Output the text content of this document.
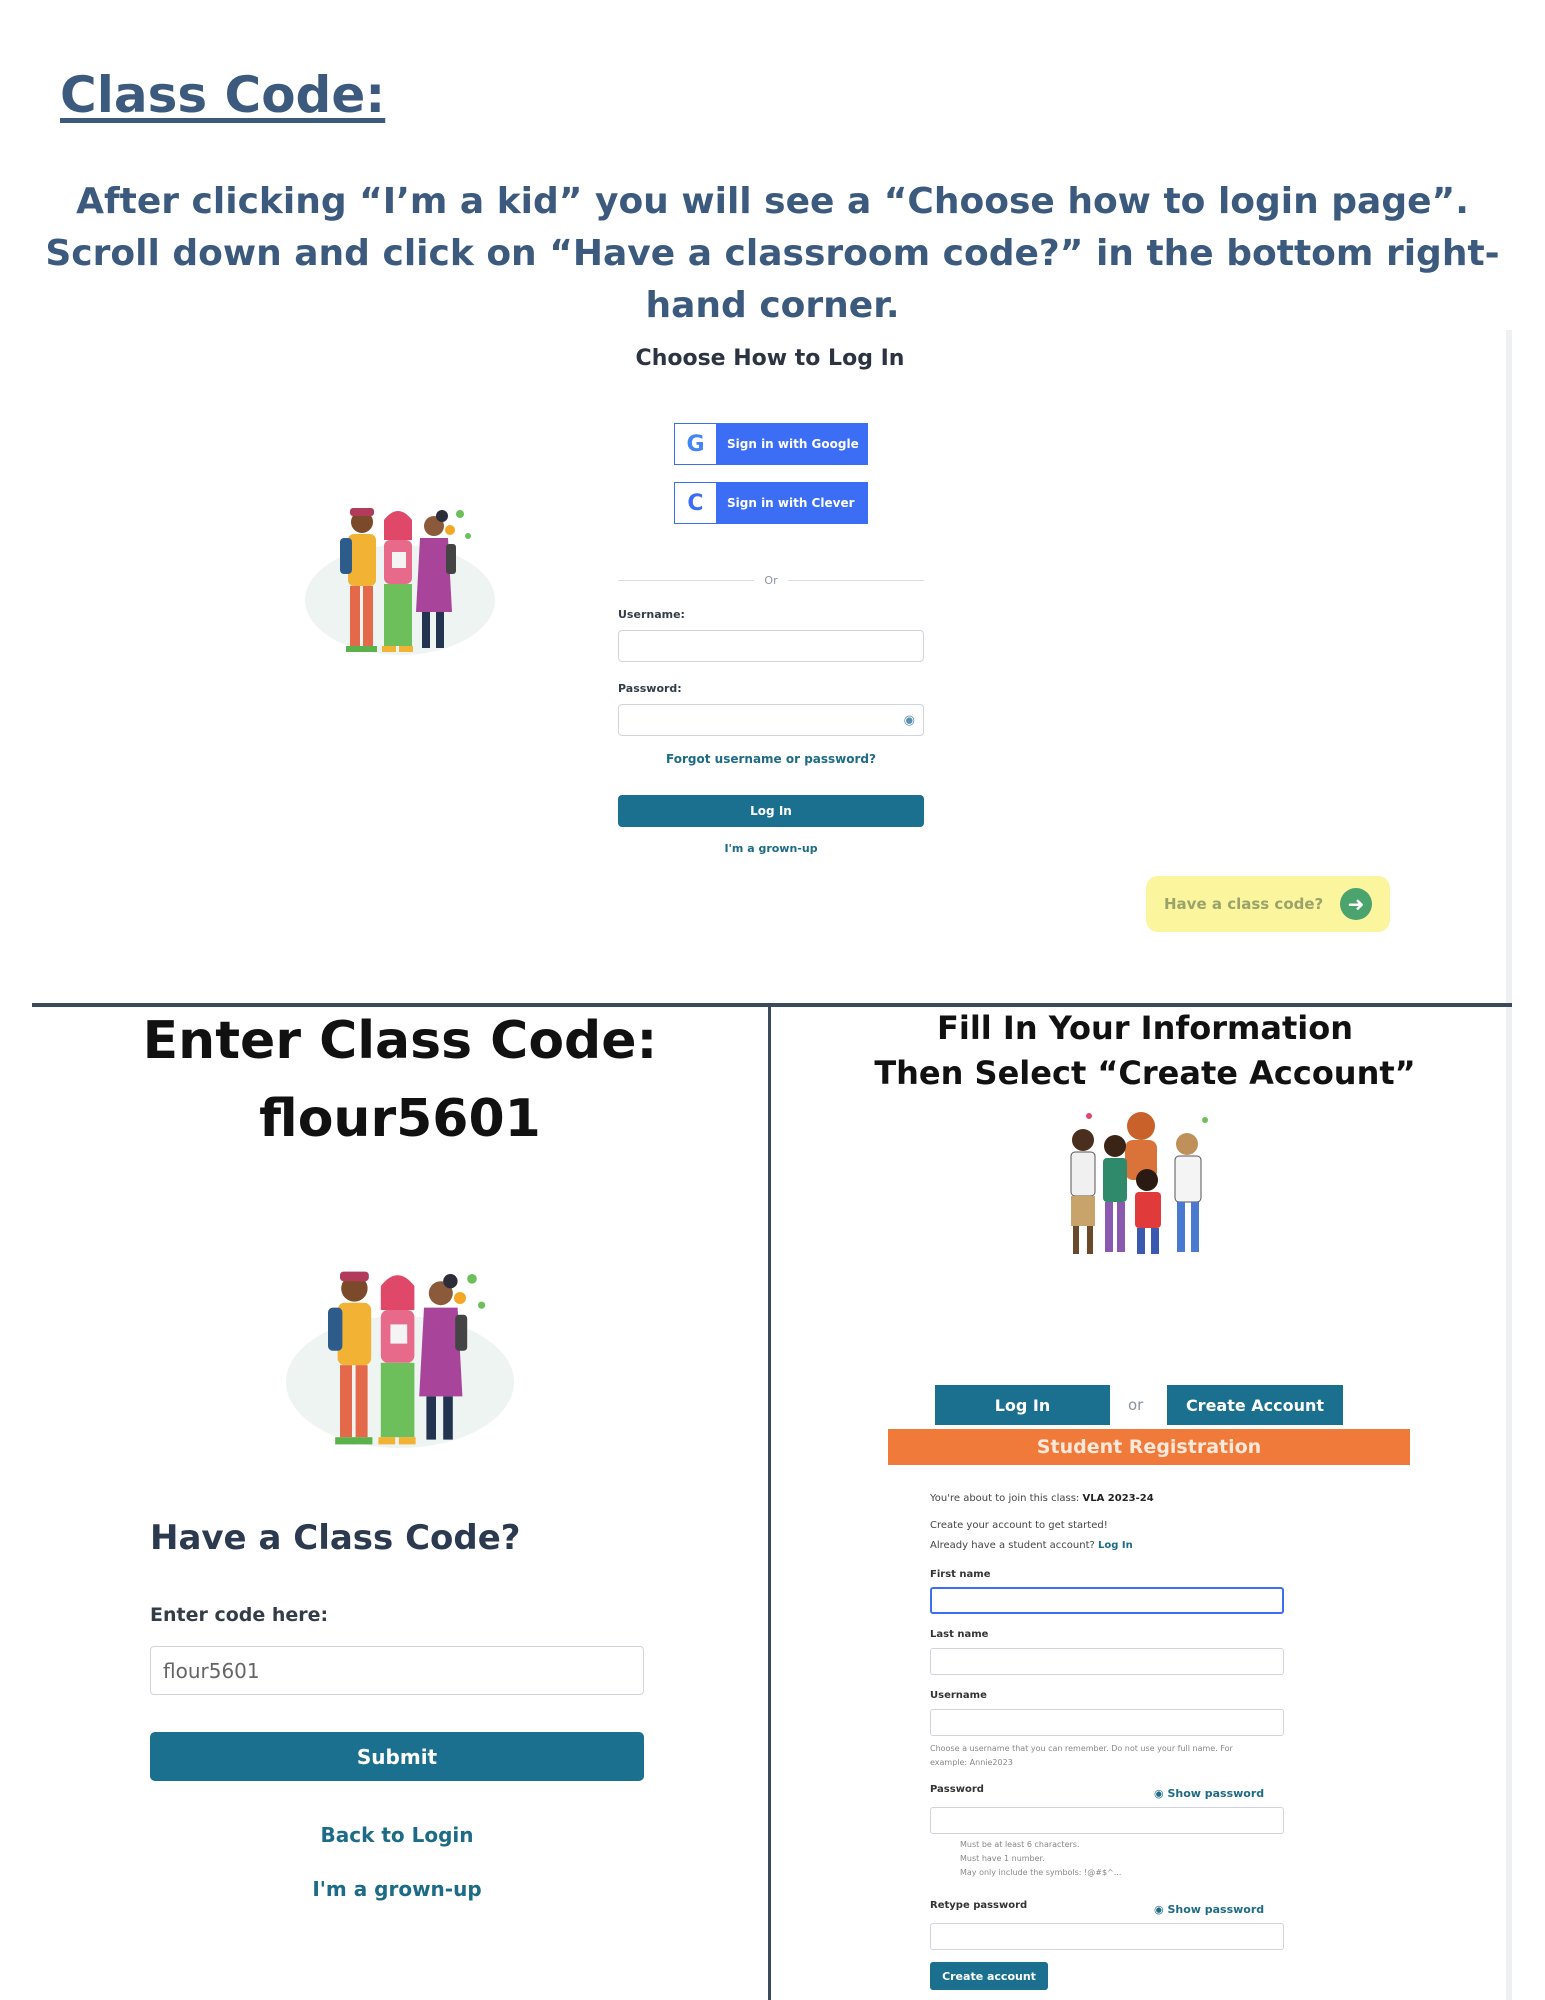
Class Code:
After clicking “I’m a kid” you will see a “Choose how to login page”. Scroll down and click on “Have a classroom code?” in the bottom right-hand corner.
Choose How to Log In
G	Sign in with Google
C	Sign in with Clever
Or
Username:
Password:
◉
Forgot username or password?
Log In
I'm a grown-up
Have a class code?	➜
Enter Class Code:
flour5601
Have a Class Code?
Enter code here:
flour5601
Submit
Back to Login
I'm a grown-up
Fill In Your Information
Then Select “Create Account”
Log In	or	Create Account
Student Registration
You're about to join this class: VLA 2023-24
Create your account to get started!
Already have a student account? Log In
First name
Last name
Username
Choose a username that you can remember. Do not use your full name. For
example: Annie2023
Password	◉ Show password
Must be at least 6 characters.
Must have 1 number.
May only include the symbols: !@#$^...
Retype password	◉ Show password
Create account
